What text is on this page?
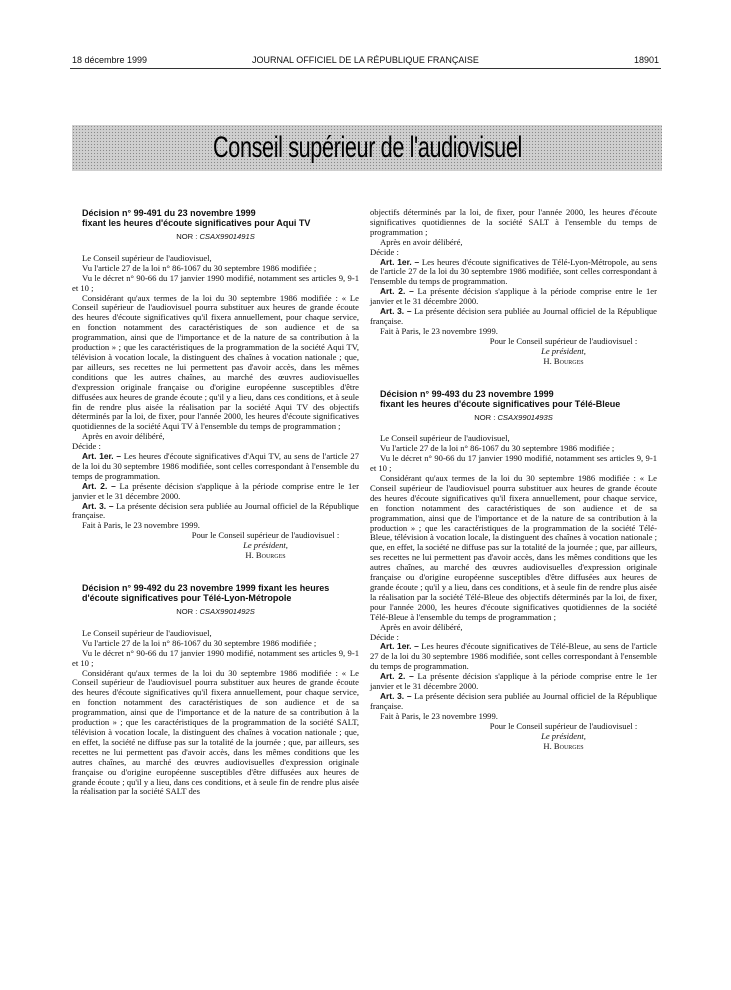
18 décembre 1999	JOURNAL OFFICIEL DE LA RÉPUBLIQUE FRANÇAISE	18901
Conseil supérieur de l'audiovisuel

Décision n° 99-491 du 23 novembre 1999

fixant les heures d'écoute significatives pour Aqui TV

NOR : CSAX9901491S

Le Conseil supérieur de l'audiovisuel,

Vu l'article 27 de la loi n° 86-1067 du 30 septembre 1986 modifiée ;

Vu le décret n° 90-66 du 17 janvier 1990 modifié, notamment ses articles 9, 9-1 et 10 ;

Considérant qu'aux termes de la loi du 30 septembre 1986 modifiée : « Le Conseil supérieur de l'audiovisuel pourra substituer aux heures de grande écoute des heures d'écoute significatives qu'il fixera annuellement, pour chaque service, en fonction notamment des caractéristiques de son audience et de sa programmation, ainsi que de l'importance et de la nature de sa contribution à la production » ; que les caractéristiques de la programmation de la société Aqui TV, télévision à vocation locale, la distinguent des chaînes à vocation nationale ; que, par ailleurs, ses recettes ne lui permettent pas d'avoir accès, dans les mêmes conditions que les autres chaînes, au marché des œuvres audiovisuelles d'expression originale française ou d'origine européenne susceptibles d'être diffusées aux heures de grande écoute ; qu'il y a lieu, dans ces conditions, et à seule fin de rendre plus aisée la réalisation par la société Aqui TV des objectifs déterminés par la loi, de fixer, pour l'année 2000, les heures d'écoute significatives quotidiennes de la société Aqui TV à l'ensemble du temps de programmation ;

Après en avoir délibéré,

Décide :

Art. 1er. – Les heures d'écoute significatives d'Aqui TV, au sens de l'article 27 de la loi du 30 septembre 1986 modifiée, sont celles correspondant à l'ensemble du temps de programmation.

Art. 2. – La présente décision s'applique à la période comprise entre le 1er janvier et le 31 décembre 2000.

Art. 3. – La présente décision sera publiée au Journal officiel de la République française.

Fait à Paris, le 23 novembre 1999.

Pour le Conseil supérieur de l'audiovisuel :
Le président,
H. Bourges

Décision n° 99-492 du 23 novembre 1999 fixant les heures

d'écoute significatives pour Télé-Lyon-Métropole

NOR : CSAX9901492S

Le Conseil supérieur de l'audiovisuel,

Vu l'article 27 de la loi n° 86-1067 du 30 septembre 1986 modifiée ;

Vu le décret n° 90-66 du 17 janvier 1990 modifié, notamment ses articles 9, 9-1 et 10 ;

Considérant qu'aux termes de la loi du 30 septembre 1986 modifiée : « Le Conseil supérieur de l'audiovisuel pourra substituer aux heures de grande écoute des heures d'écoute significatives qu'il fixera annuellement, pour chaque service, en fonction notamment des caractéristiques de son audience et de sa programmation, ainsi que de l'importance et de la nature de sa contribution à la production » ; que les caractéristiques de la programmation de la société SALT, télévision à vocation locale, la distinguent des chaînes à vocation nationale ; que, en effet, la société ne diffuse pas sur la totalité de la journée ; que, par ailleurs, ses recettes ne lui permettent pas d'avoir accès, dans les mêmes conditions que les autres chaînes, au marché des œuvres audiovisuelles d'expression originale française ou d'origine européenne susceptibles d'être diffusées aux heures de grande écoute ; qu'il y a lieu, dans ces conditions, et à seule fin de rendre plus aisée la réalisation par la société SALT des

objectifs déterminés par la loi, de fixer, pour l'année 2000, les heures d'écoute significatives quotidiennes de la société SALT à l'ensemble du temps de programmation ;

Après en avoir délibéré,

Décide :

Art. 1er. – Les heures d'écoute significatives de Télé-Lyon-Métropole, au sens de l'article 27 de la loi du 30 septembre 1986 modifiée, sont celles correspondant à l'ensemble du temps de programmation.

Art. 2. – La présente décision s'applique à la période comprise entre le 1er janvier et le 31 décembre 2000.

Art. 3. – La présente décision sera publiée au Journal officiel de la République française.

Fait à Paris, le 23 novembre 1999.

Pour le Conseil supérieur de l'audiovisuel :
Le président,
H. Bourges

Décision n° 99-493 du 23 novembre 1999

fixant les heures d'écoute significatives pour Télé-Bleue

NOR : CSAX9901493S

Le Conseil supérieur de l'audiovisuel,

Vu l'article 27 de la loi n° 86-1067 du 30 septembre 1986 modifiée ;

Vu le décret n° 90-66 du 17 janvier 1990 modifié, notamment ses articles 9, 9-1 et 10 ;

Considérant qu'aux termes de la loi du 30 septembre 1986 modifiée : « Le Conseil supérieur de l'audiovisuel pourra substituer aux heures de grande écoute des heures d'écoute significatives qu'il fixera annuellement, pour chaque service, en fonction notamment des caractéristiques de son audience et de sa programmation, ainsi que de l'importance et de la nature de sa contribution à la production » ; que les caractéristiques de la programmation de la société Télé-Bleue, télévision à vocation locale, la distinguent des chaînes à vocation nationale ; que, en effet, la société ne diffuse pas sur la totalité de la journée ; que, par ailleurs, ses recettes ne lui permettent pas d'avoir accès, dans les mêmes conditions que les autres chaînes, au marché des œuvres audiovisuelles d'expression originale française ou d'origine européenne susceptibles d'être diffusées aux heures de grande écoute ; qu'il y a lieu, dans ces conditions, et à seule fin de rendre plus aisée la réalisation par la société Télé-Bleue des objectifs déterminés par la loi, de fixer, pour l'année 2000, les heures d'écoute significatives quotidiennes de la société Télé-Bleue à l'ensemble du temps de programmation ;

Après en avoir délibéré,

Décide :

Art. 1er. – Les heures d'écoute significatives de Télé-Bleue, au sens de l'article 27 de la loi du 30 septembre 1986 modifiée, sont celles correspondant à l'ensemble du temps de programmation.

Art. 2. – La présente décision s'applique à la période comprise entre le 1er janvier et le 31 décembre 2000.

Art. 3. – La présente décision sera publiée au Journal officiel de la République française.

Fait à Paris, le 23 novembre 1999.

Pour le Conseil supérieur de l'audiovisuel :
Le président,
H. Bourges
